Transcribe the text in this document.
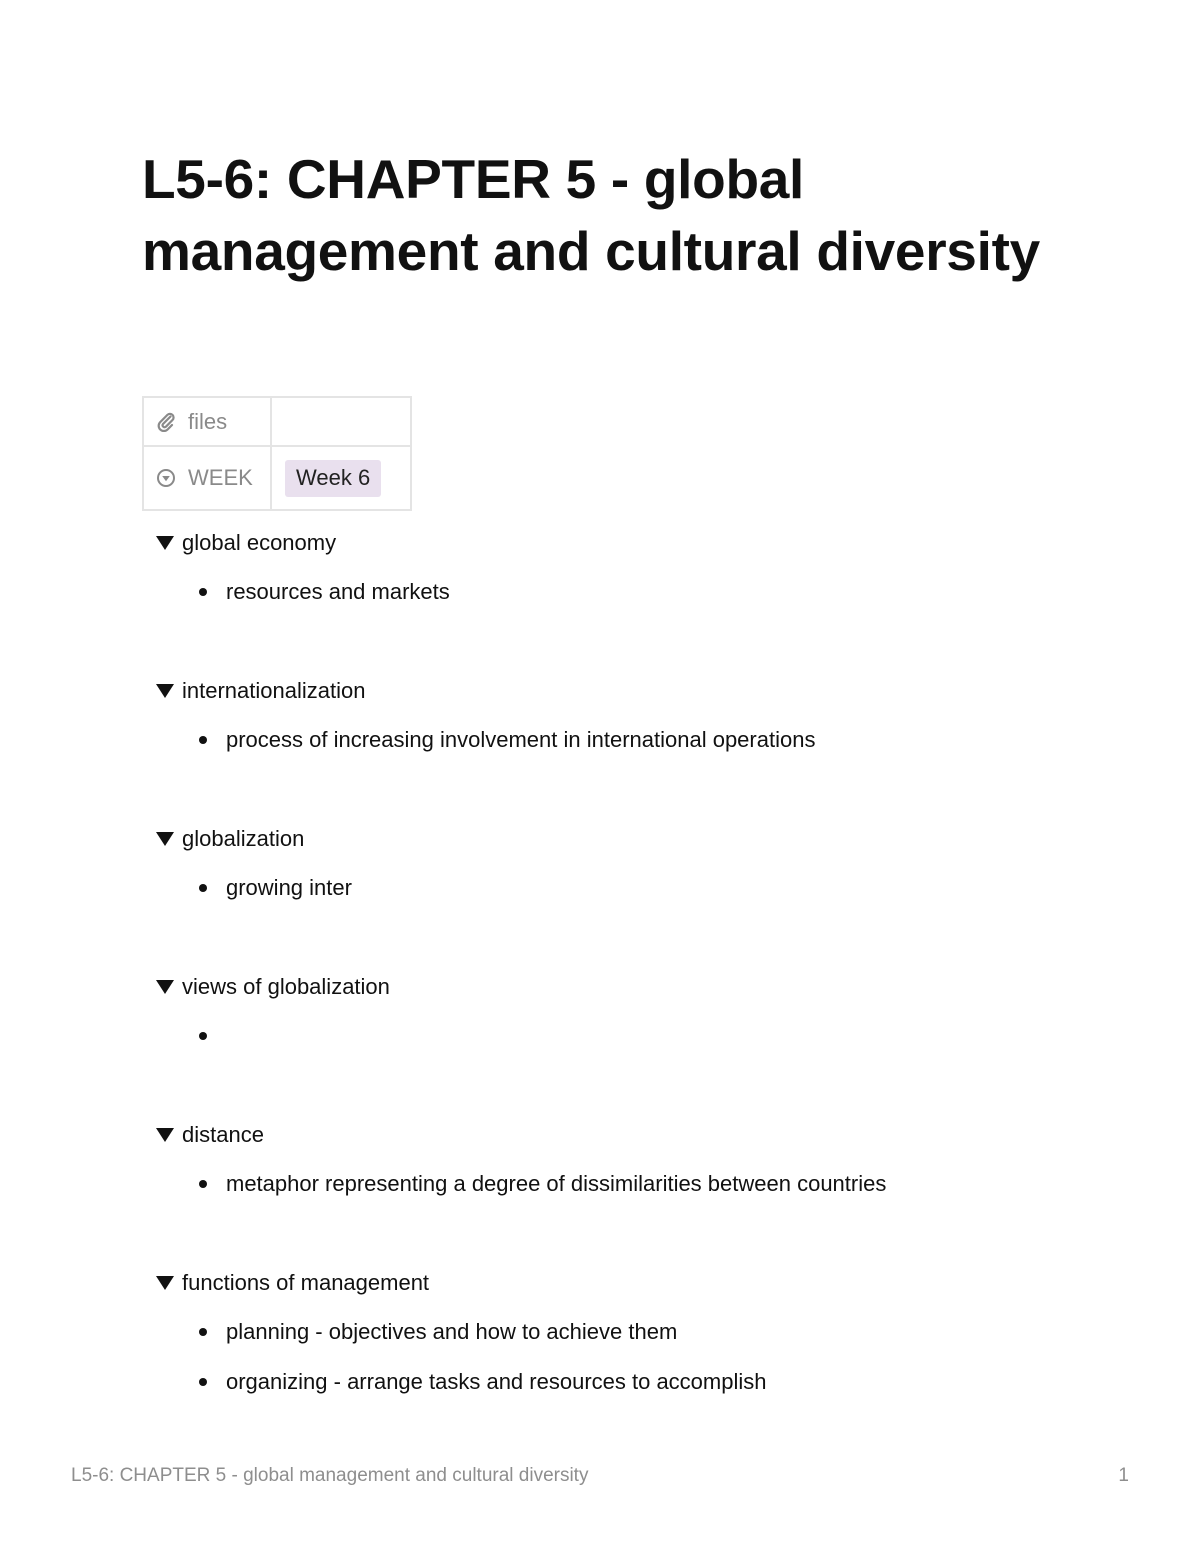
L5-6: CHAPTER 5 - global management and cultural diversity
files	

WEEK	Week 6
global economy
resources and markets
internationalization
process of increasing involvement in international operations
globalization
growing inter
views of globalization
distance
metaphor representing a degree of dissimilarities between countries
functions of management
planning - objectives and how to achieve them
organizing - arrange tasks and resources to accomplish
L5-6: CHAPTER 5 - global management and cultural diversity	1
